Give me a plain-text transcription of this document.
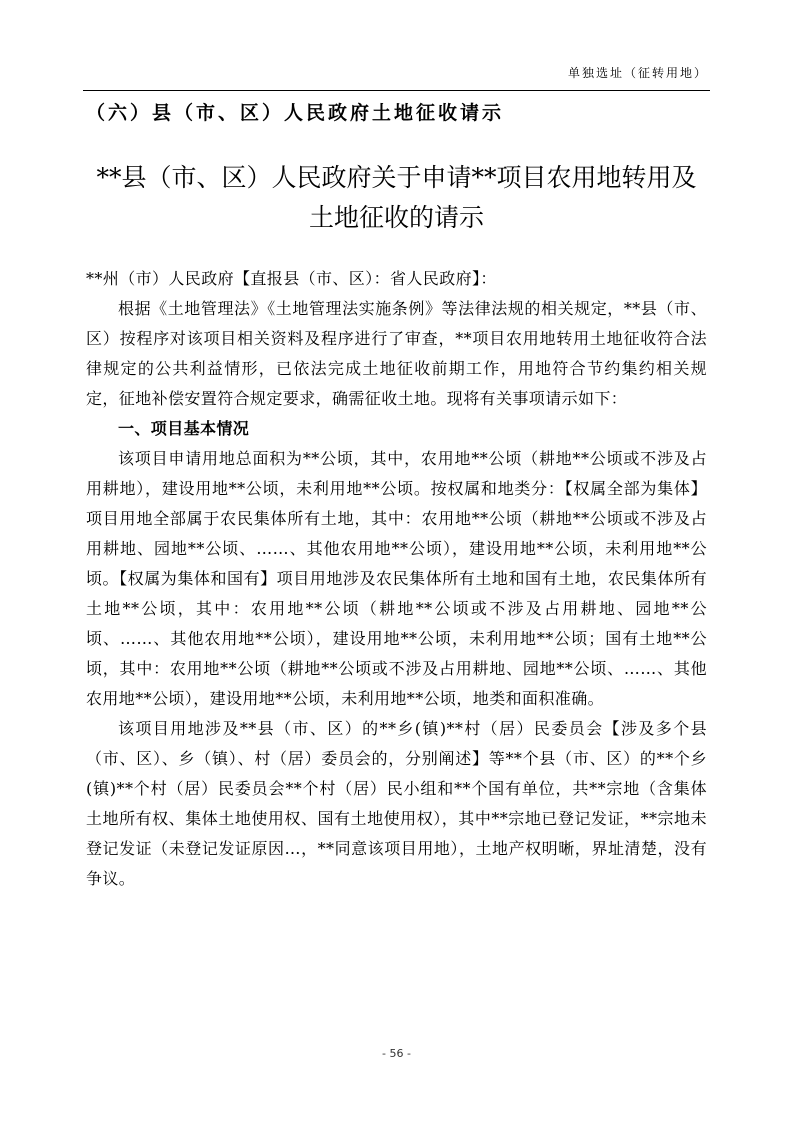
单独选址（征转用地）
（六）县（市、区）人民政府土地征收请示
**县（市、区）人民政府关于申请**项目农用地转用及
土地征收的请示

**州（市）人民政府【直报县（市、区）：省人民政府】：

根据《土地管理法》《土地管理法实施条例》等法律法规的相关规定，**县（市、区）按程序对该项目相关资料及程序进行了审查，**项目农用地转用土地征收符合法律规定的公共利益情形，已依法完成土地征收前期工作，用地符合节约集约相关规定，征地补偿安置符合规定要求，确需征收土地。现将有关事项请示如下：

一、项目基本情况

该项目申请用地总面积为**公顷，其中，农用地**公顷（耕地**公顷或不涉及占用耕地），建设用地**公顷，未利用地**公顷。按权属和地类分：【权属全部为集体】项目用地全部属于农民集体所有土地，其中：农用地**公顷（耕地**公顷或不涉及占用耕地、园地**公顷、……、其他农用地**公顷），建设用地**公顷，未利用地**公顷。【权属为集体和国有】项目用地涉及农民集体所有土地和国有土地，农民集体所有土地**公顷，其中：农用地**公顷（耕地**公顷或不涉及占用耕地、园地**公顷、……、其他农用地**公顷），建设用地**公顷，未利用地**公顷；国有土地**公顷，其中：农用地**公顷（耕地**公顷或不涉及占用耕地、园地**公顷、……、其他农用地**公顷），建设用地**公顷，未利用地**公顷，地类和面积准确。

该项目用地涉及**县（市、区）的**乡(镇)**村（居）民委员会【涉及多个县（市、区）、乡（镇）、村（居）委员会的，分别阐述】等**个县（市、区）的**个乡(镇)**个村（居）民委员会**个村（居）民小组和**个国有单位，共**宗地（含集体土地所有权、集体土地使用权、国有土地使用权），其中**宗地已登记发证，**宗地未登记发证（未登记发证原因…，**同意该项目用地），土地产权明晰，界址清楚，没有争议。

- 56 -
